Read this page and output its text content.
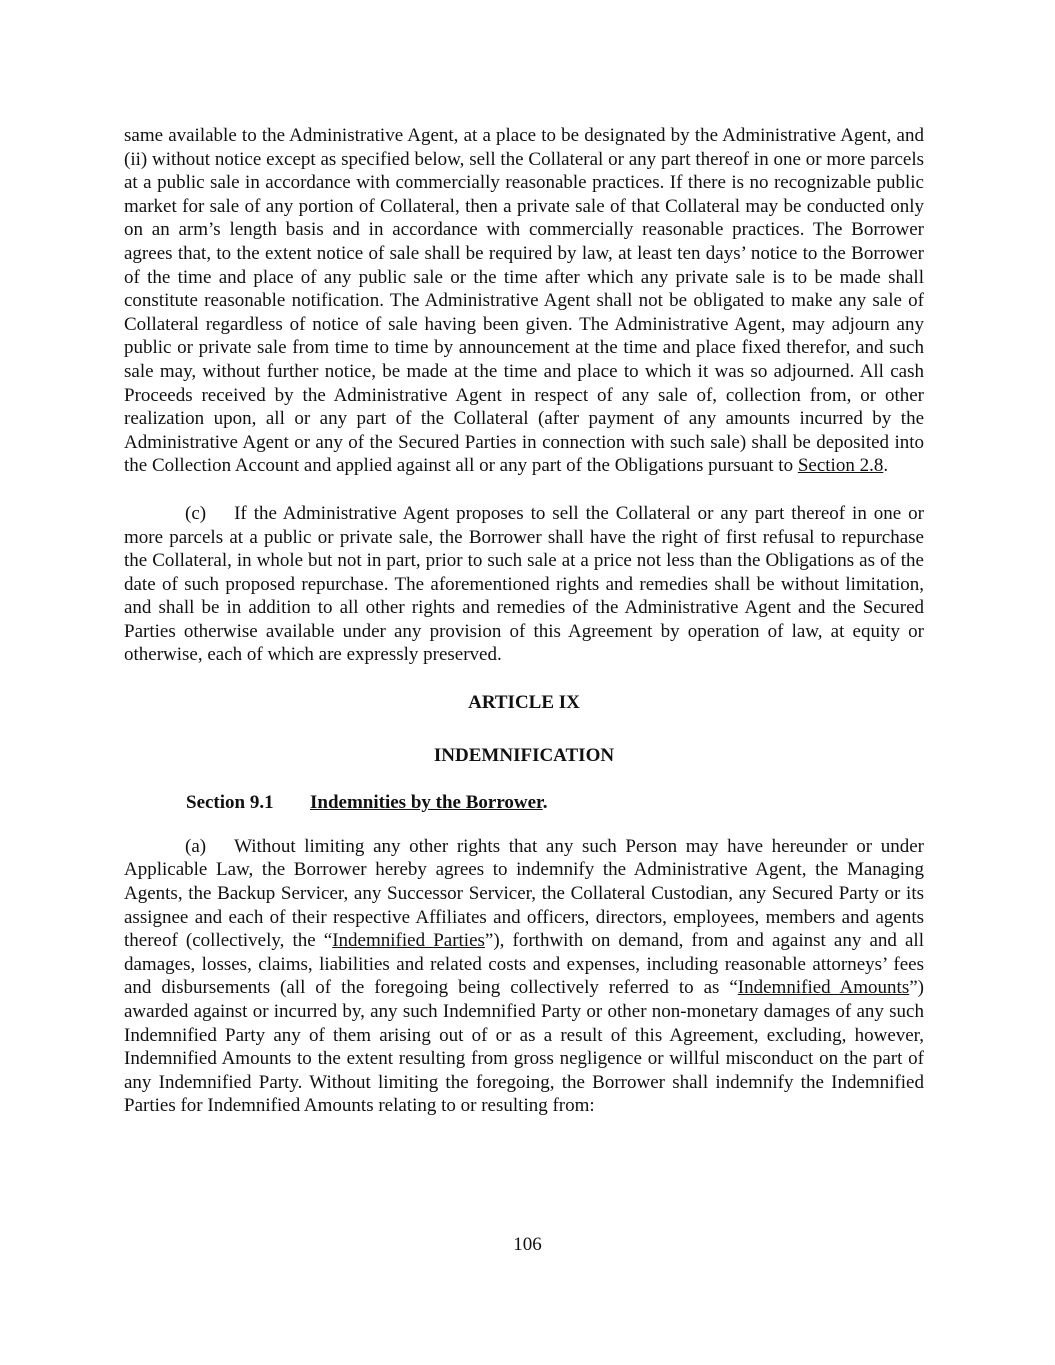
same available to the Administrative Agent, at a place to be designated by the Administrative Agent, and (ii) without notice except as specified below, sell the Collateral or any part thereof in one or more parcels at a public sale in accordance with commercially reasonable practices. If there is no recognizable public market for sale of any portion of Collateral, then a private sale of that Collateral may be conducted only on an arm’s length basis and in accordance with commercially reasonable practices. The Borrower agrees that, to the extent notice of sale shall be required by law, at least ten days’ notice to the Borrower of the time and place of any public sale or the time after which any private sale is to be made shall constitute reasonable notification. The Administrative Agent shall not be obligated to make any sale of Collateral regardless of notice of sale having been given. The Administrative Agent, may adjourn any public or private sale from time to time by announcement at the time and place fixed therefor, and such sale may, without further notice, be made at the time and place to which it was so adjourned. All cash Proceeds received by the Administrative Agent in respect of any sale of, collection from, or other realization upon, all or any part of the Collateral (after payment of any amounts incurred by the Administrative Agent or any of the Secured Parties in connection with such sale) shall be deposited into the Collection Account and applied against all or any part of the Obligations pursuant to Section 2.8.

(c) If the Administrative Agent proposes to sell the Collateral or any part thereof in one or more parcels at a public or private sale, the Borrower shall have the right of first refusal to repurchase the Collateral, in whole but not in part, prior to such sale at a price not less than the Obligations as of the date of such proposed repurchase. The aforementioned rights and remedies shall be without limitation, and shall be in addition to all other rights and remedies of the Administrative Agent and the Secured Parties otherwise available under any provision of this Agreement by operation of law, at equity or otherwise, each of which are expressly preserved.

ARTICLE IX
INDEMNIFICATION
Section 9.1 Indemnities by the Borrower.

(a) Without limiting any other rights that any such Person may have hereunder or under Applicable Law, the Borrower hereby agrees to indemnify the Administrative Agent, the Managing Agents, the Backup Servicer, any Successor Servicer, the Collateral Custodian, any Secured Party or its assignee and each of their respective Affiliates and officers, directors, employees, members and agents thereof (collectively, the “Indemnified Parties”), forthwith on demand, from and against any and all damages, losses, claims, liabilities and related costs and expenses, including reasonable attorneys’ fees and disbursements (all of the foregoing being collectively referred to as “Indemnified Amounts”) awarded against or incurred by, any such Indemnified Party or other non-monetary damages of any such Indemnified Party any of them arising out of or as a result of this Agreement, excluding, however, Indemnified Amounts to the extent resulting from gross negligence or willful misconduct on the part of any Indemnified Party. Without limiting the foregoing, the Borrower shall indemnify the Indemnified Parties for Indemnified Amounts relating to or resulting from:

106
